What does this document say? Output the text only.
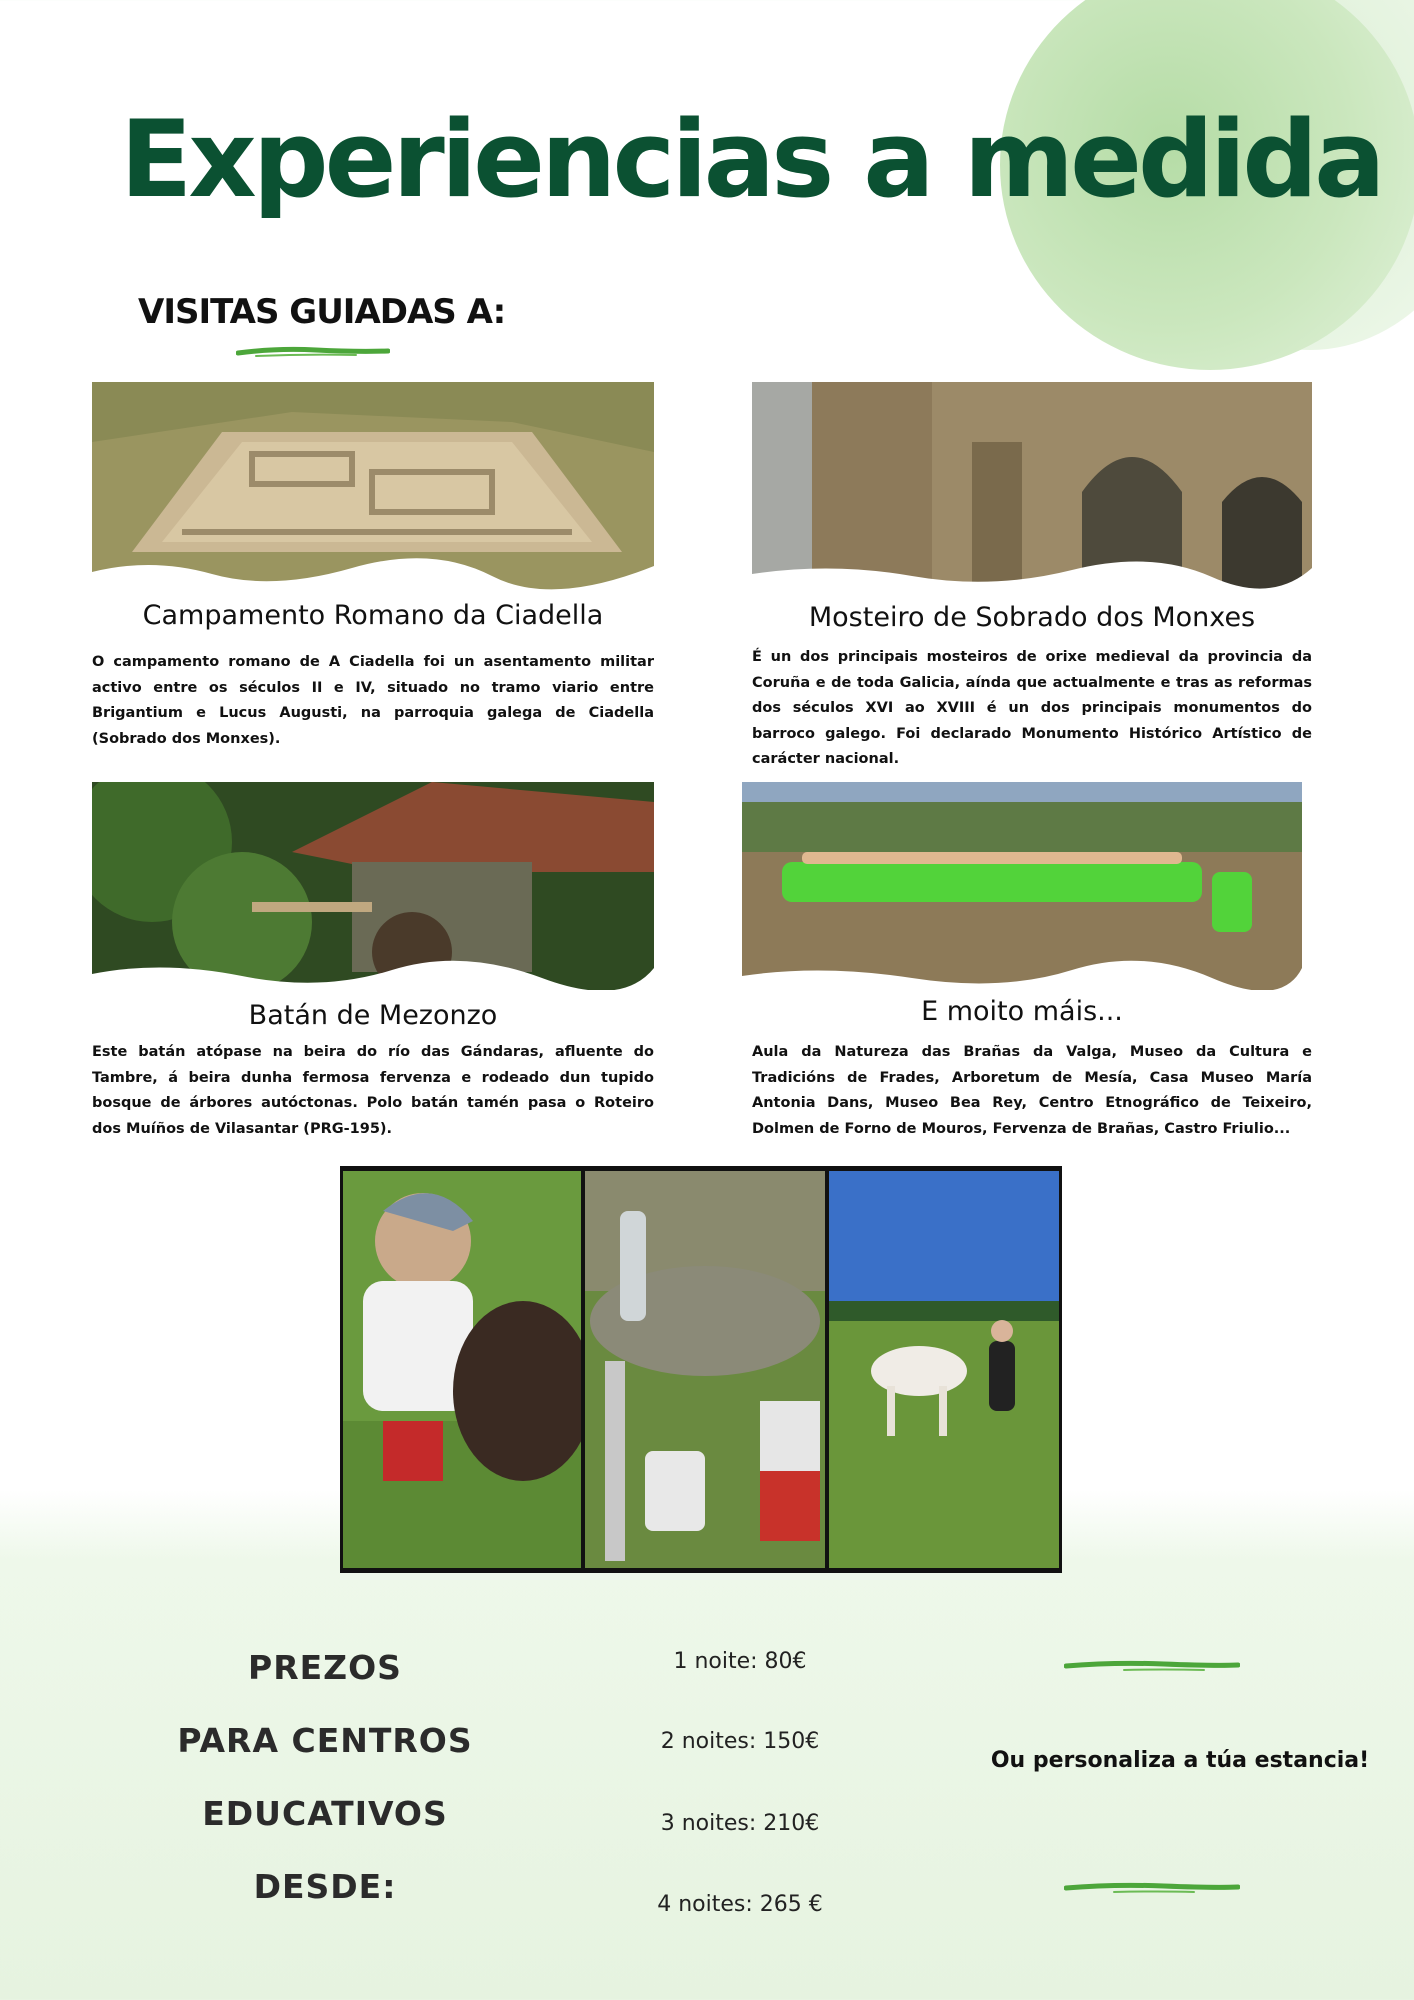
Experiencias a medida
VISITAS GUIADAS A:
Campamento Romano da Ciadella

O campamento romano de A Ciadella foi un asentamento militar activo entre os séculos II e IV, situado no tramo viario entre Brigantium e Lucus Augusti, na parroquia galega de Ciadella (Sobrado dos Monxes).

Mosteiro de Sobrado dos Monxes

É un dos principais mosteiros de orixe medieval da provincia da Coruña e de toda Galicia, aínda que actualmente e tras as reformas dos séculos XVI ao XVIII é un dos principais monumentos do barroco galego. Foi declarado Monumento Histórico Artístico de carácter nacional.

Batán de Mezonzo

Este batán atópase na beira do río das Gándaras, afluente do Tambre, á beira dunha fermosa fervenza e rodeado dun tupido bosque de árbores autóctonas. Polo batán tamén pasa o Roteiro dos Muíños de Vilasantar (PRG-195).

E moito máis...

Aula da Natureza das Brañas da Valga, Museo da Cultura e Tradicións de Frades, Arboretum de Mesía, Casa Museo María Antonia Dans, Museo Bea Rey, Centro Etnográfico de Teixeiro, Dolmen de Forno de Mouros, Fervenza de Brañas, Castro Friulio...

PREZOS
PARA CENTROS
EDUCATIVOS
DESDE:
1 noite: 80€
2 noites: 150€
3 noites: 210€
4 noites: 265 €
Ou personaliza a túa estancia!
